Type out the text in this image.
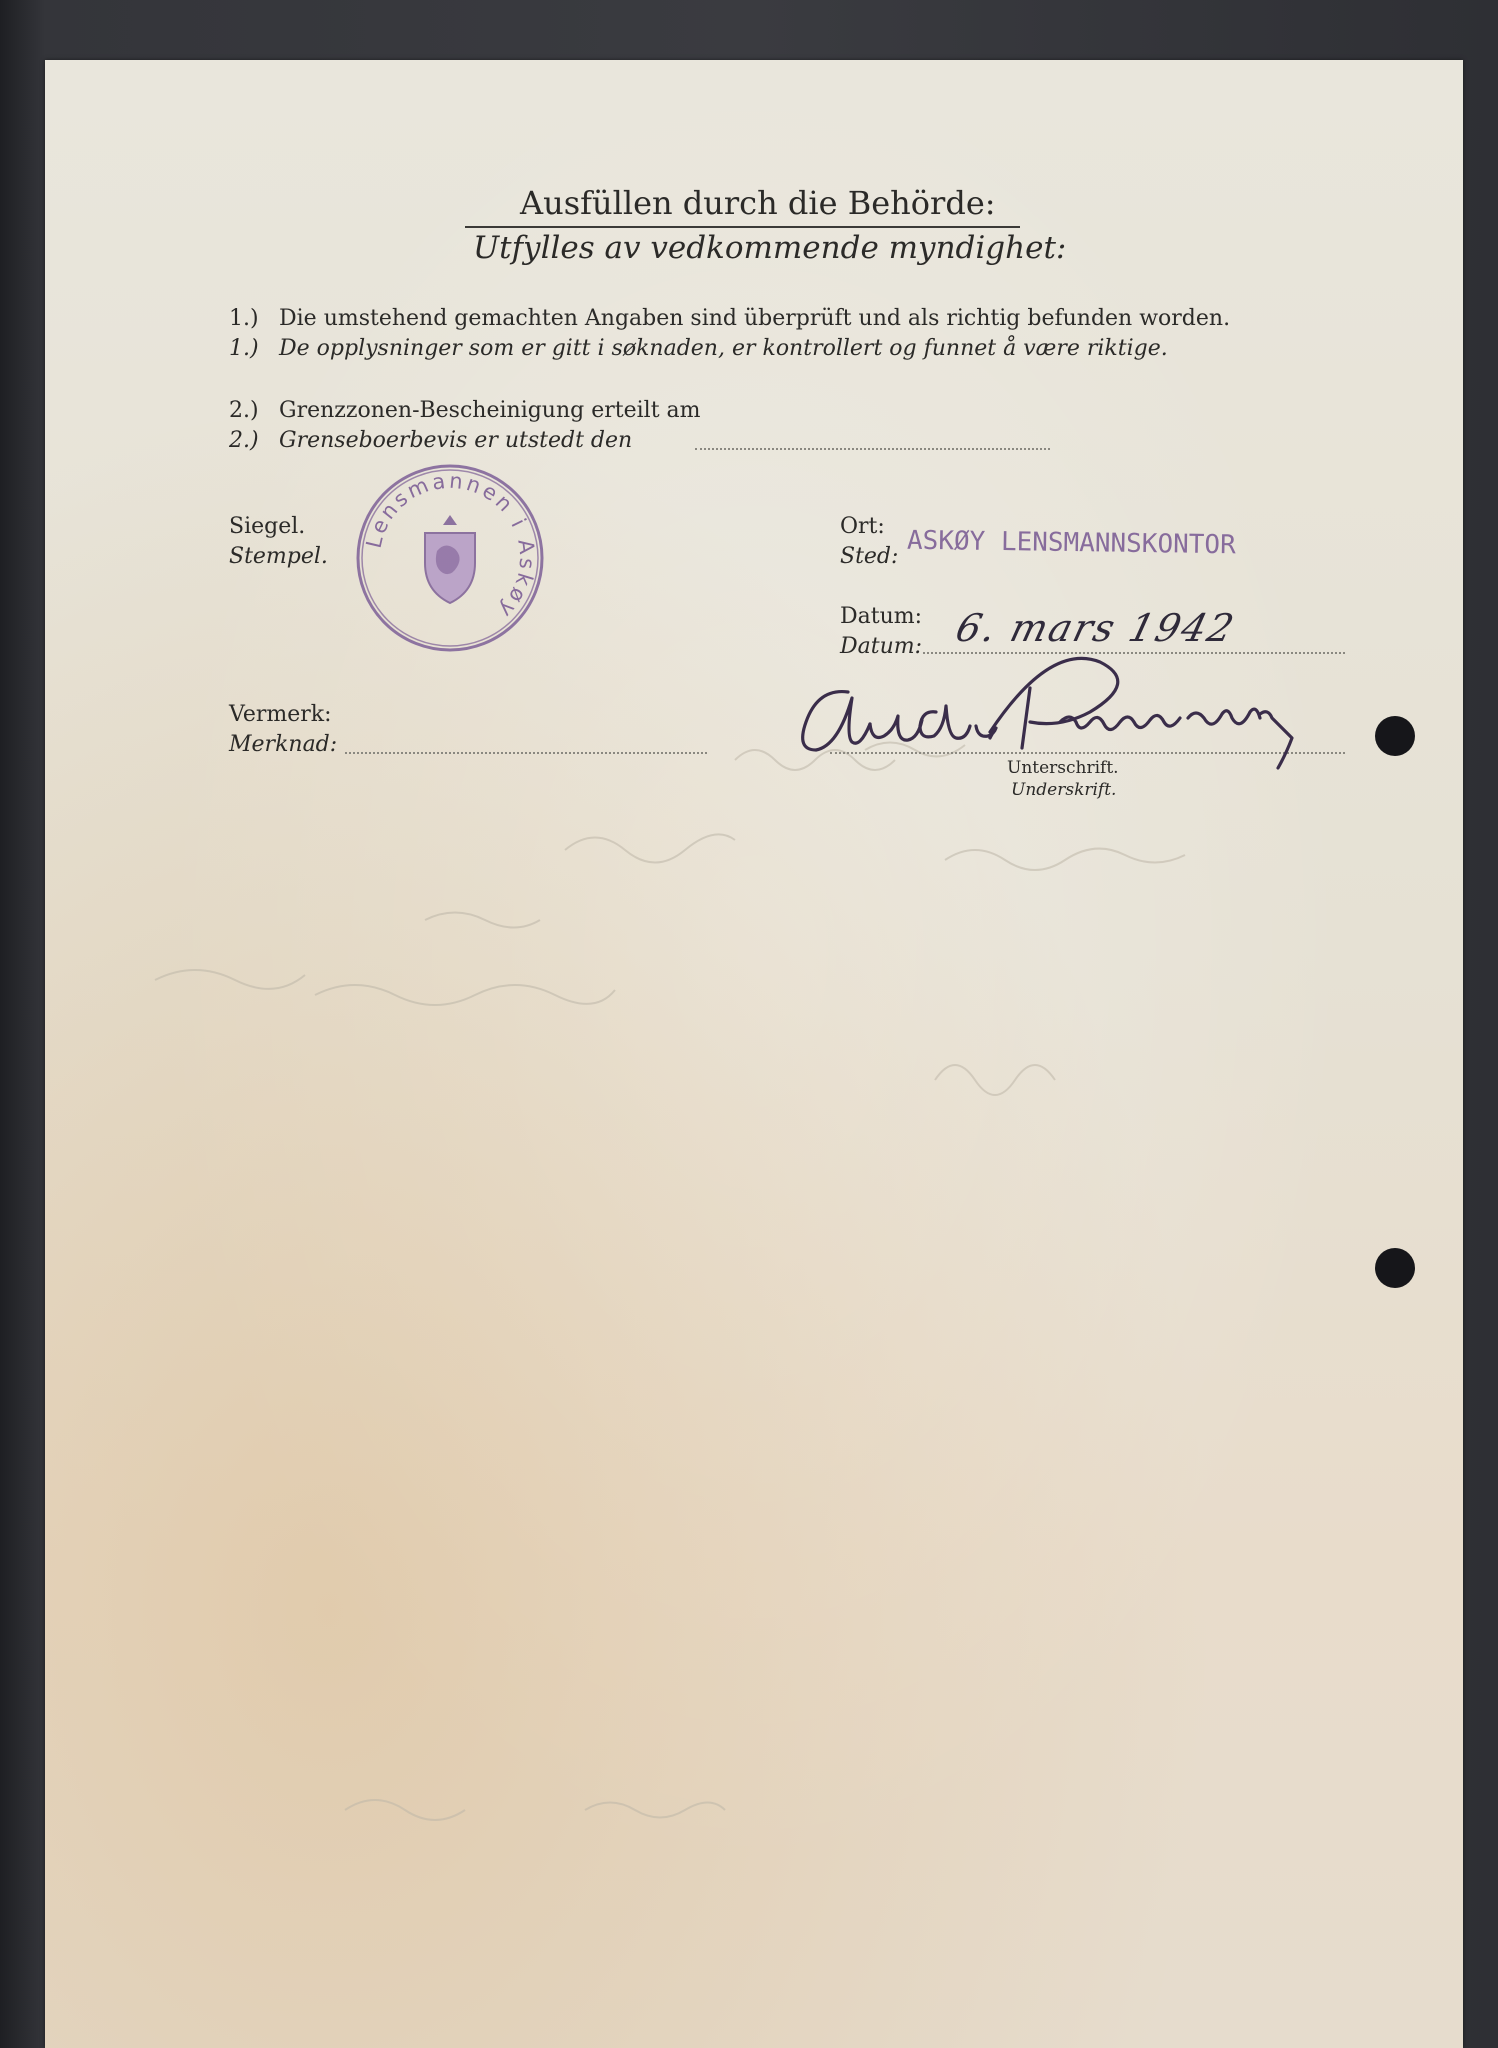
Ausfüllen durch die Behörde:
Utfylles av vedkommende myndighet:
1.) Die umstehend gemachten Angaben sind überprüft und als richtig befunden worden.
1.) De opplysninger som er gitt i søknaden, er kontrollert og funnet å være riktige.
2.) Grenzzonen-Bescheinigung erteilt am
2.) Grenseboerbevis er utstedt den
Siegel.
Stempel.
Lensmannen i Askøy
Ort:
Sted: ASKØY LENSMANNSKONTOR
Datum:
Datum: 6. mars 1942
Vermerk:
Merknad:
Unterschrift.
Underskrift.
